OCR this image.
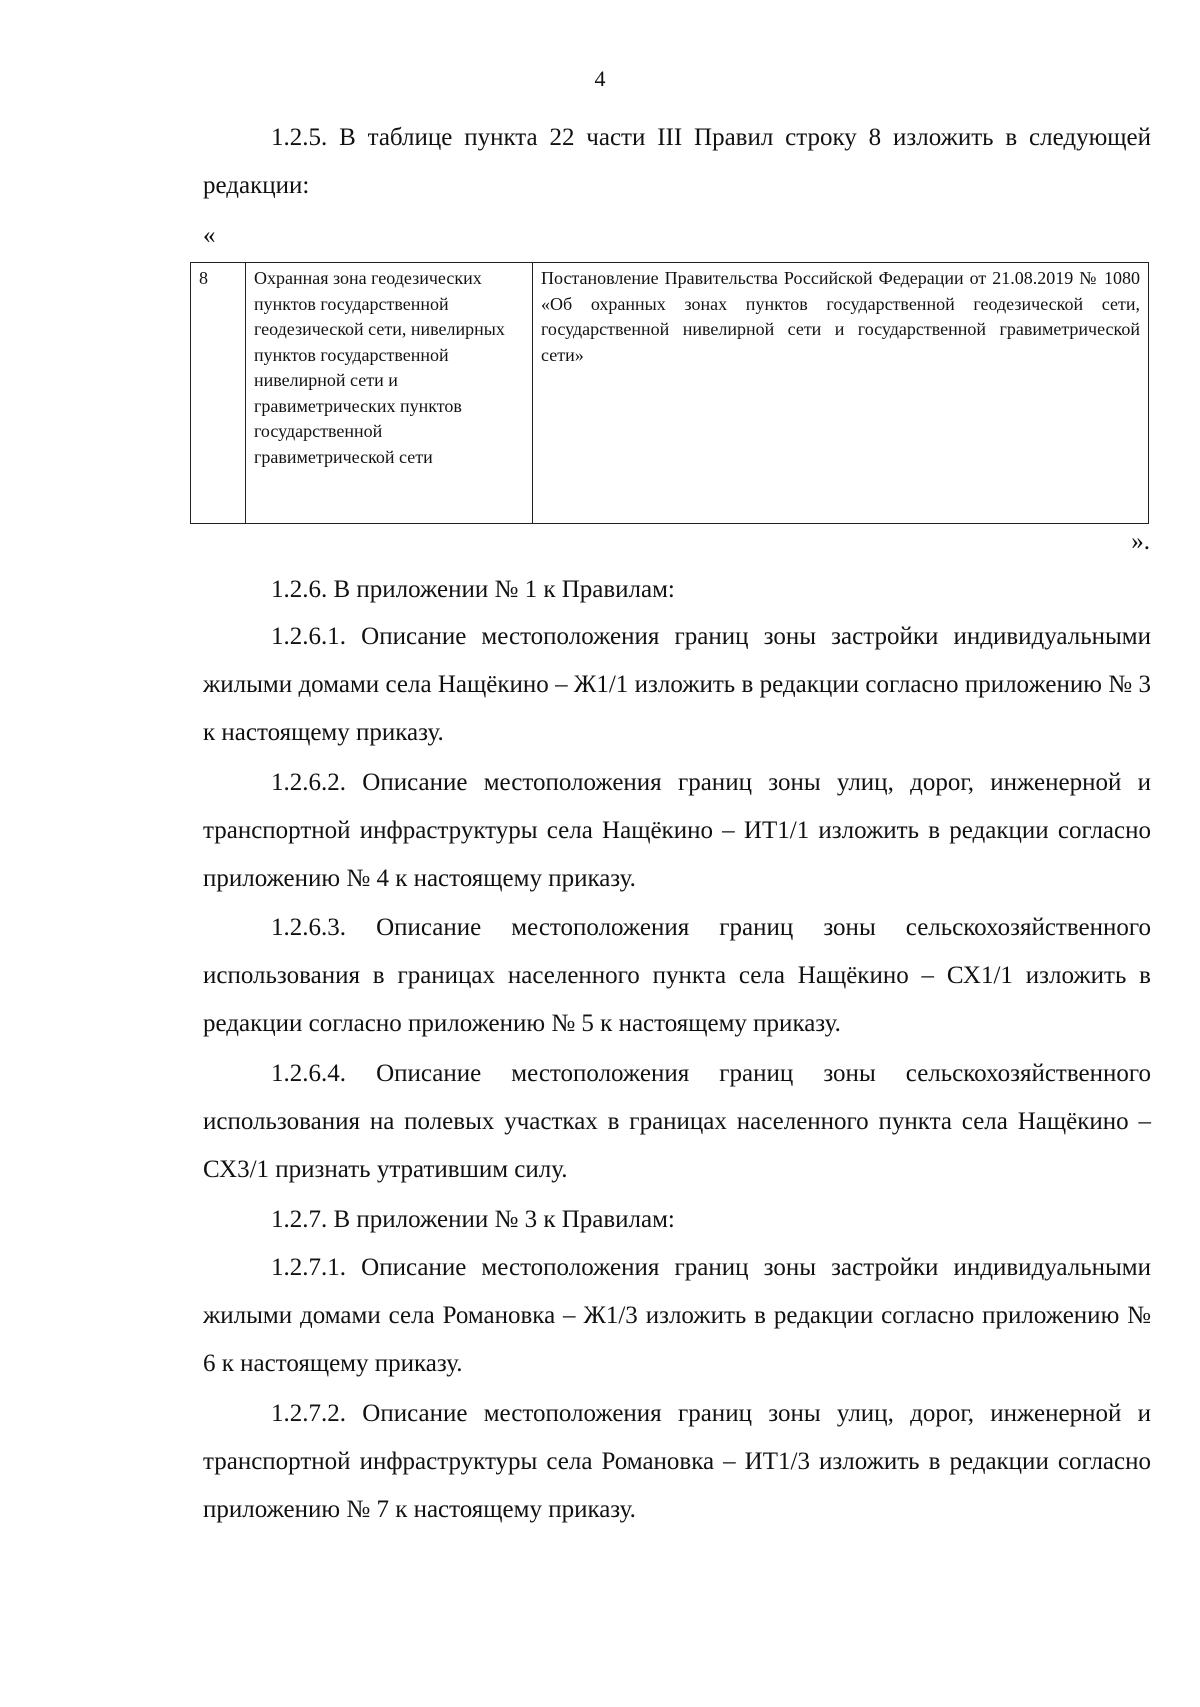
4
1.2.5. В таблице пункта 22 части III Правил строку 8 изложить в следующей редакции:
«
8	Охранная зона геодезических пунктов государственной геодезической сети, нивелирных пунктов государственной нивелирной сети и гравиметрических пунктов государственной гравиметрической сети	Постановление Правительства Российской Федерации от 21.08.2019 № 1080 «Об охранных зонах пунктов государственной геодезической сети, государственной нивелирной сети и государственной гравиметрической сети»
».
1.2.6. В приложении № 1 к Правилам:
1.2.6.1. Описание местоположения границ зоны застройки индивидуальными жилыми домами села Нащёкино – Ж1/1 изложить в редакции согласно приложению № 3 к настоящему приказу.
1.2.6.2. Описание местоположения границ зоны улиц, дорог, инженерной и транспортной инфраструктуры села Нащёкино – ИТ1/1 изложить в редакции согласно приложению № 4 к настоящему приказу.
1.2.6.3. Описание местоположения границ зоны сельскохозяйственного использования в границах населенного пункта села Нащёкино – СХ1/1 изложить в редакции согласно приложению № 5 к настоящему приказу.
1.2.6.4. Описание местоположения границ зоны сельскохозяйственного использования на полевых участках в границах населенного пункта села Нащёкино – СХ3/1 признать утратившим силу.
1.2.7. В приложении № 3 к Правилам:
1.2.7.1. Описание местоположения границ зоны застройки индивидуальными жилыми домами села Романовка – Ж1/3 изложить в редакции согласно приложению № 6 к настоящему приказу.
1.2.7.2. Описание местоположения границ зоны улиц, дорог, инженерной и транспортной инфраструктуры села Романовка – ИТ1/3 изложить в редакции согласно приложению № 7 к настоящему приказу.
